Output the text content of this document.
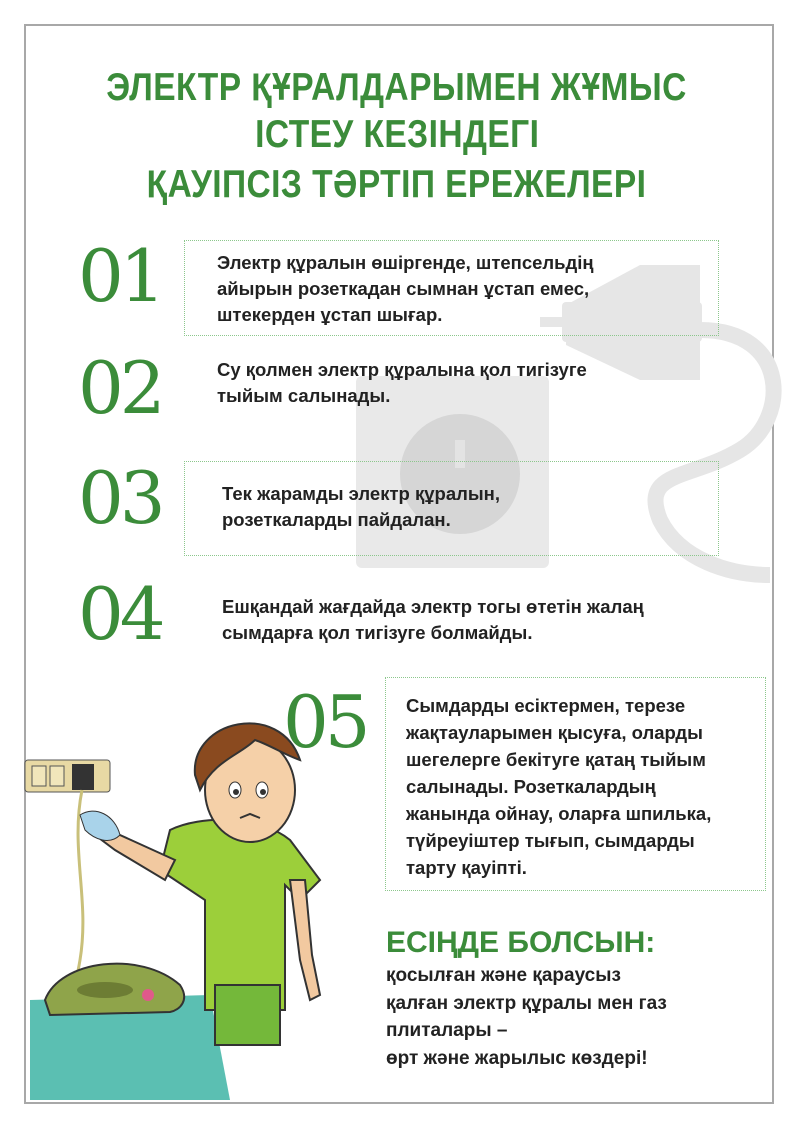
ЭЛЕКТР ҚҰРАЛДАРЫМЕН ЖҰМЫС
ІСТЕУ КЕЗІНДЕГІ
ҚАУІПСІЗ ТӘРТІП ЕРЕЖЕЛЕРІ
01	Электр құралын өшіргенде, штепсельдің
айырын розеткадан сымнан ұстап емес,
штекерден ұстап шығар.
02	Су қолмен электр құралына қол тигізуге
тыйым салынады.
03	Тек жарамды электр құралын,
розеткаларды пайдалан.
04	Ешқандай жағдайда электр тогы өтетін жалаң
сымдарға қол тигізуге болмайды.
05 Сымдарды есіктермен, терезе
жақтауларымен қысуға, оларды
шегелерге бекітуге қатаң тыйым
салынады. Розеткалардың
жанында ойнау, оларға шпилька,
түйреуіштер тығып, сымдарды
тарту қауіпті.
ЕСІҢДЕ БОЛСЫН:
қосылған және қараусыз
қалған электр құралы мен газ
плиталары –
өрт және жарылыс көздері!
